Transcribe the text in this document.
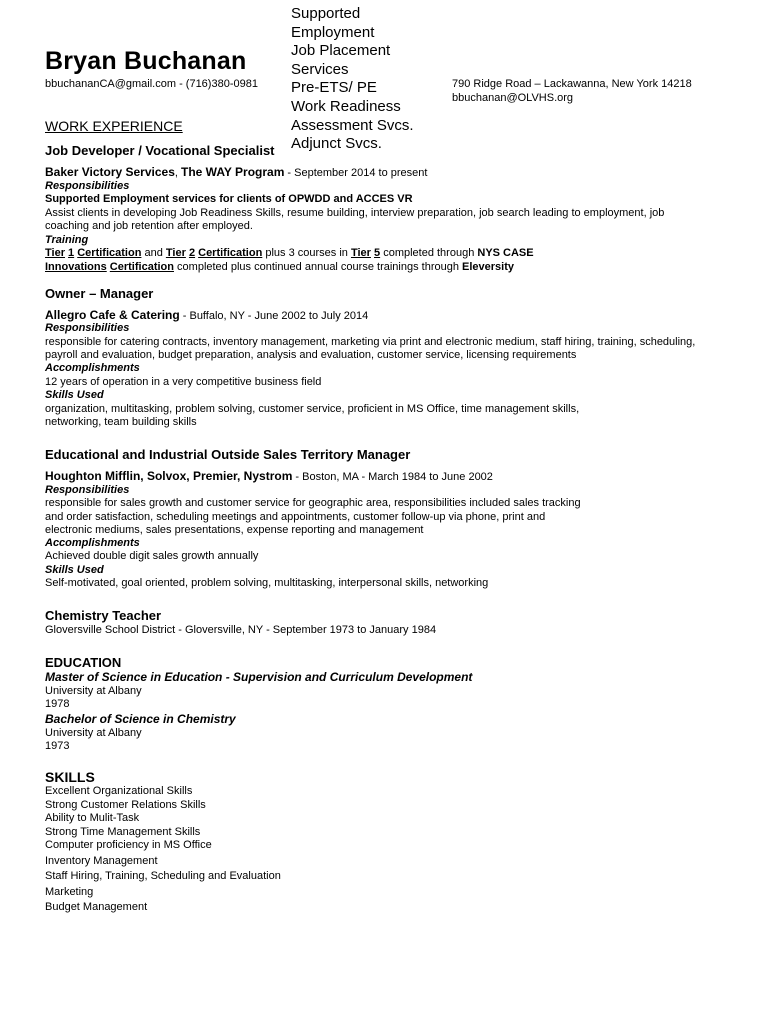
Bryan Buchanan
bbuchananCA@gmail.com - (716)380-0981
Supported
Employment
Job Placement
Services
Pre-ETS/ PE
Work Readiness
Assessment Svcs.
Adjunct Svcs.
790 Ridge Road – Lackawanna, New York 14218
bbuchanan@OLVHS.org
WORK EXPERIENCE
Job Developer / Vocational Specialist
Baker Victory Services, The WAY Program - September 2014 to present
Responsibilities
Supported Employment services for clients of OPWDD and ACCES VR
Assist clients in developing Job Readiness Skills, resume building, interview preparation, job search leading to employment, job
coaching and job retention after employed.
Training
Tier 1 Certification and Tier 2 Certification plus 3 courses in Tier 5 completed through NYS CASE
Innovations Certification completed plus continued annual course trainings through Eleversity
Owner – Manager
Allegro Cafe & Catering - Buffalo, NY - June 2002 to July 2014
Responsibilities
responsible for catering contracts, inventory management, marketing via print and electronic medium, staff hiring, training, scheduling,
payroll and evaluation, budget preparation, analysis and evaluation, customer service, licensing requirements
Accomplishments
12 years of operation in a very competitive business field
Skills Used
organization, multitasking, problem solving, customer service, proficient in MS Office, time management skills,
networking, team building skills
Educational and Industrial Outside Sales Territory Manager
Houghton Mifflin, Solvox, Premier, Nystrom - Boston, MA - March 1984 to June 2002
Responsibilities
responsible for sales growth and customer service for geographic area, responsibilities included sales tracking
and order satisfaction, scheduling meetings and appointments, customer follow-up via phone, print and
electronic mediums, sales presentations, expense reporting and management
Accomplishments
Achieved double digit sales growth annually
Skills Used
Self-motivated, goal oriented, problem solving, multitasking, interpersonal skills, networking
Chemistry Teacher
Gloversville School District - Gloversville, NY - September 1973 to January 1984
EDUCATION
Master of Science in Education - Supervision and Curriculum Development
University at Albany
1978
Bachelor of Science in Chemistry
University at Albany
1973
SKILLS
Excellent Organizational Skills
Strong Customer Relations Skills
Ability to Mulit-Task
Strong Time Management Skills
Computer proficiency in MS Office
Inventory Management
Staff Hiring, Training, Scheduling and Evaluation
Marketing
Budget Management
